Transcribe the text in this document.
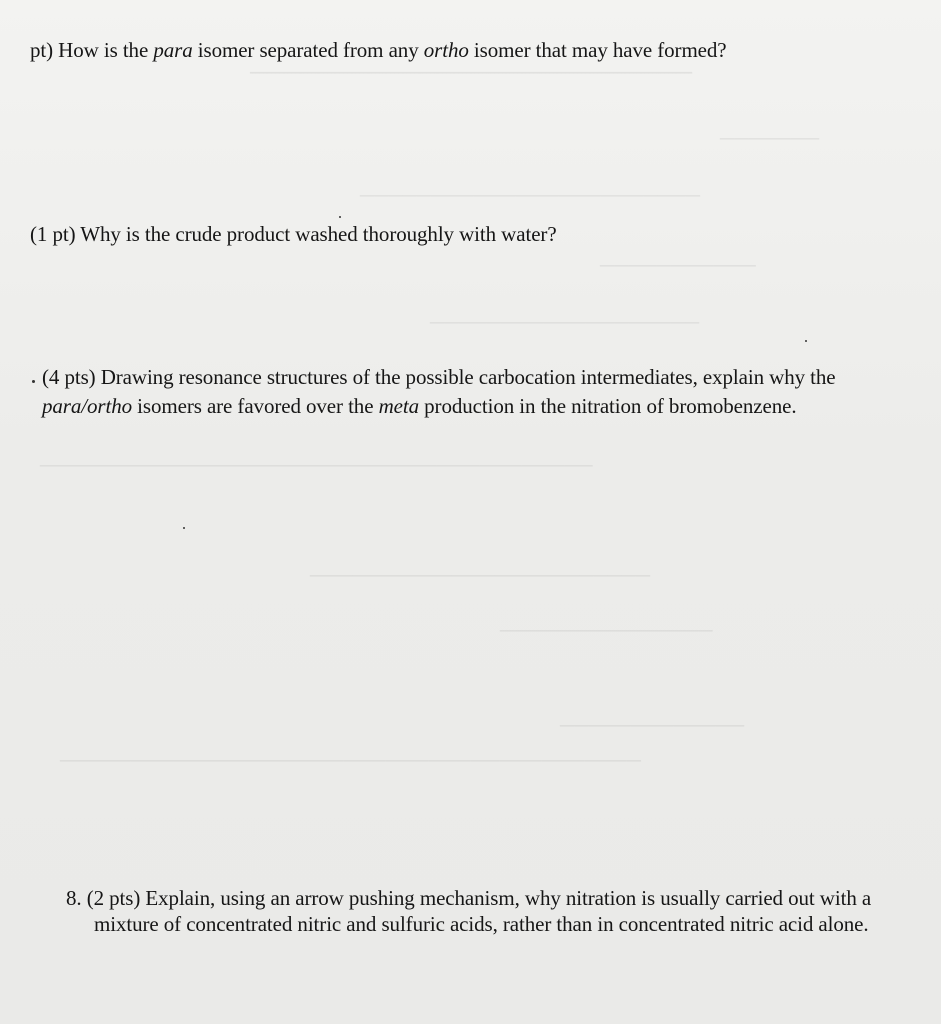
──────────────────────────
───────
────────────────────────
───────────
───────────────────
───────────────────────────────────────
────────────────────────
───────────────
─────────────
─────────────────────────────────────────
pt) How is the para isomer separated from any ortho isomer that may have formed?
(1 pt) Why is the crude product washed thoroughly with water?
(4 pts) Drawing resonance structures of the possible carbocation intermediates, explain why the
para/ortho isomers are favored over the meta production in the nitration of bromobenzene.
8. (2 pts) Explain, using an arrow pushing mechanism, why nitration is usually carried out with a
mixture of concentrated nitric and sulfuric acids, rather than in concentrated nitric acid alone.
